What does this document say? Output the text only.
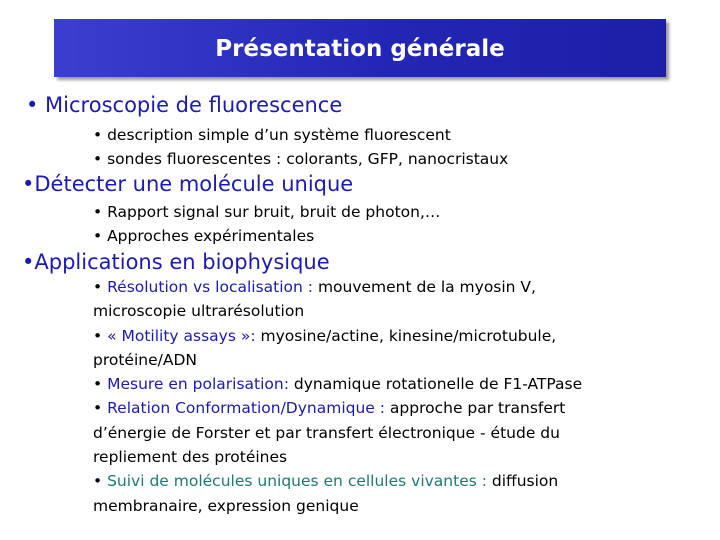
Présentation générale
• Microscopie de fluorescence
• description simple d’un système fluorescent
• sondes fluorescentes : colorants, GFP, nanocristaux
•Détecter une molécule unique
• Rapport signal sur bruit, bruit de photon,…
• Approches expérimentales
•Applications en biophysique
• Résolution vs localisation : mouvement de la myosin V,
microscopie ultrarésolution
• « Motility assays »: myosine/actine, kinesine/microtubule,
protéine/ADN
• Mesure en polarisation: dynamique rotationelle de F1-ATPase
• Relation Conformation/Dynamique : approche par transfert
d’énergie de Forster et par transfert électronique - étude du
repliement des protéines
• Suivi de molécules uniques en cellules vivantes : diffusion
membranaire, expression genique
